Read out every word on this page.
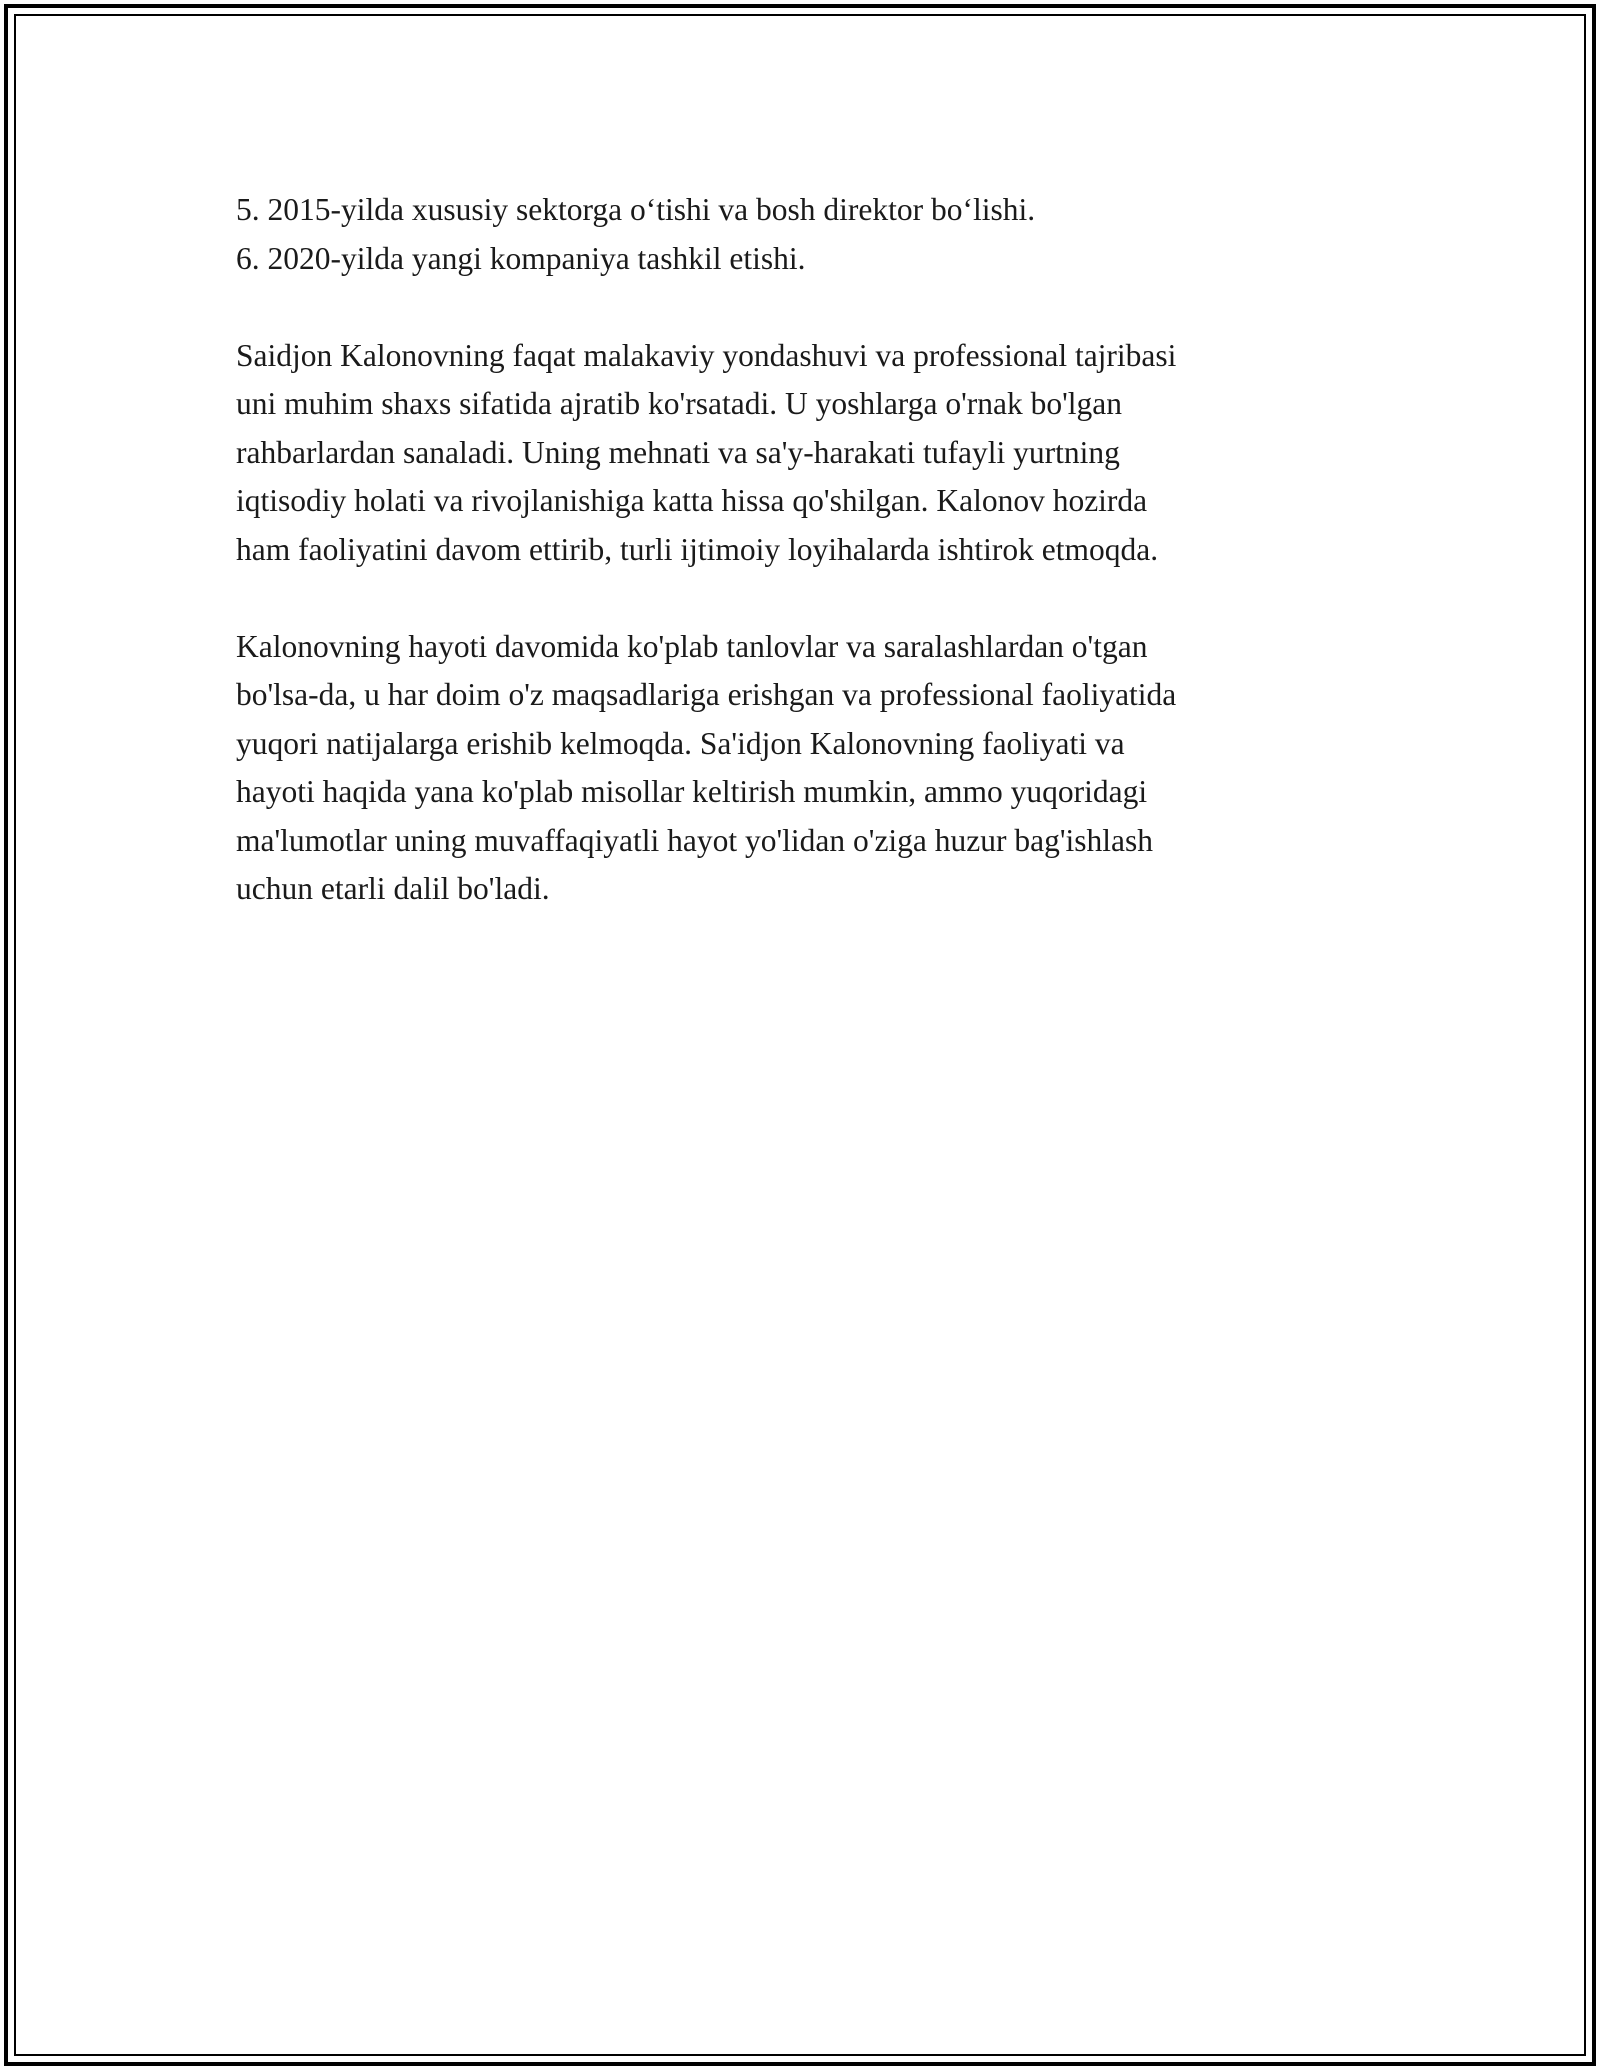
5. 2015-yilda xususiy sektorga o‘tishi va bosh direktor bo‘lishi.
6. 2020-yilda yangi kompaniya tashkil etishi.

Saidjon Kalonovning faqat malakaviy yondashuvi va professional tajribasi
uni muhim shaxs sifatida ajratib ko'rsatadi. U yoshlarga o'rnak bo'lgan
rahbarlardan sanaladi. Uning mehnati va sa'y-harakati tufayli yurtning
iqtisodiy holati va rivojlanishiga katta hissa qo'shilgan. Kalonov hozirda
ham faoliyatini davom ettirib, turli ijtimoiy loyihalarda ishtirok etmoqda.

Kalonovning hayoti davomida ko'plab tanlovlar va saralashlardan o'tgan
bo'lsa-da, u har doim o'z maqsadlariga erishgan va professional faoliyatida
yuqori natijalarga erishib kelmoqda. Sa'idjon Kalonovning faoliyati va
hayoti haqida yana ko'plab misollar keltirish mumkin, ammo yuqoridagi
ma'lumotlar uning muvaffaqiyatli hayot yo'lidan o'ziga huzur bag'ishlash
uchun etarli dalil bo'ladi.
